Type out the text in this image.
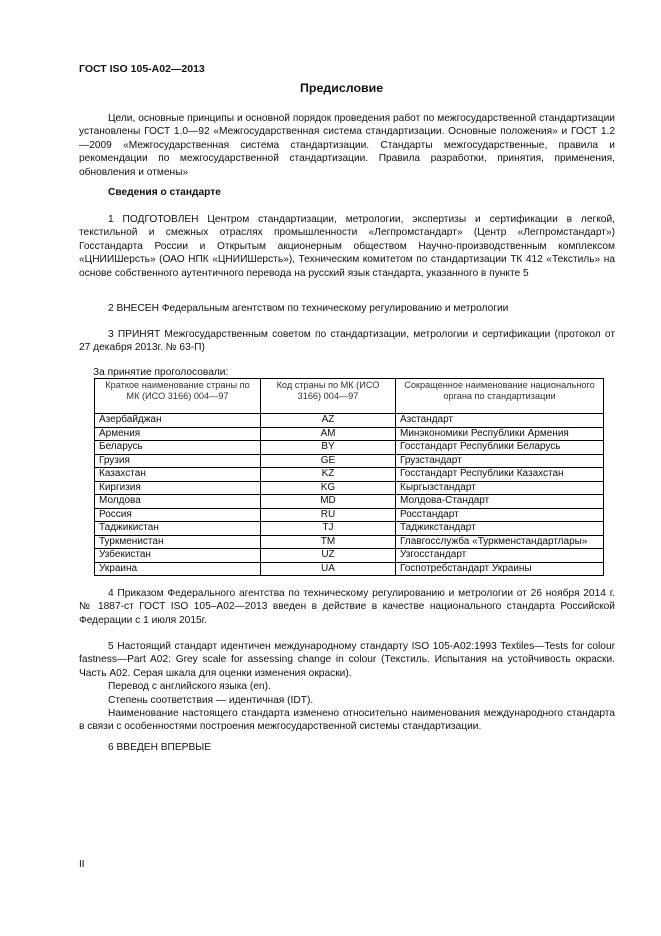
ГОСТ ISO 105-A02—2013
Предисловие

Цели, основные принципы и основной порядок проведения работ по межгосударственной стандартизации установлены ГОСТ 1.0—92 «Межгосударственная система стандартизации. Основные положения» и ГОСТ 1.2—2009 «Межгосударственная система стандартизации. Стандарты межгосударственные, правила и рекомендации по межгосударственной стандартизации. Правила разработки, принятия, применения, обновления и отмены»

Сведения о стандарте

1 ПОДГОТОВЛЕН Центром стандартизации, метрологии, экспертизы и сертификации в легкой, текстильной и смежных отраслях промышленности «Легпромстандарт» (Центр «Легпромстандарт») Госстандарта России и Открытым акционерным обществом Научно-производственным комплексом «ЦНИИШерсть» (ОАО НПК «ЦНИИШерсть»), Техническим комитетом по стандартизации ТК 412 «Текстиль» на основе собственного аутентичного перевода на русский язык стандарта, указанного в пункте 5

2 ВНЕСЕН Федеральным агентством по техническому регулированию и метрологии

3 ПРИНЯТ Межгосударственным советом по стандартизации, метрологии и сертификации (протокол от 27 декабря 2013г. № 63-П)

За принятие проголосовали:

Краткое наименование страны по МК (ИСО 3166) 004—97	Код страны по МК (ИСО 3166) 004—97	Сокращенное наименование национального органа по стандартизации
Азербайджан	AZ	Азстандарт
Армения	AM	Минэкономики Республики Армения
Беларусь	BY	Госстандарт Республики Беларусь
Грузия	GE	Грузстандарт
Казахстан	KZ	Госстандарт Республики Казахстан
Киргизия	KG	Кыргызстандарт
Молдова	MD	Молдова-Стандарт
Россия	RU	Росстандарт
Таджикистан	TJ	Таджикстандарт
Туркменистан	TM	Главгосслужба «Туркменстандартлары»
Узбекистан	UZ	Узгосстандарт
Украина	UA	Госпотребстандарт Украины

4 Приказом Федерального агентства по техническому регулированию и метрологии от 26 ноября 2014 г. № 1887-ст ГОСТ ISO 105–A02—2013 введен в действие в качестве национального стандарта Российской Федерации с 1 июля 2015г.

5 Настоящий стандарт идентичен международному стандарту ISO 105-A02:1993 Textiles—Tests for colour fastness—Part A02: Grey scale for assessing change in colour (Текстиль. Испытания на устойчивость окраски. Часть A02. Серая шкала для оценки изменения окраски).

Перевод с английского языка (en).

Степень соответствия — идентичная (IDT).

Наименование настоящего стандарта изменено относительно наименования международного стандарта в связи с особенностями построения межгосударственной системы стандартизации.

6 ВВЕДЕН ВПЕРВЫЕ

II
